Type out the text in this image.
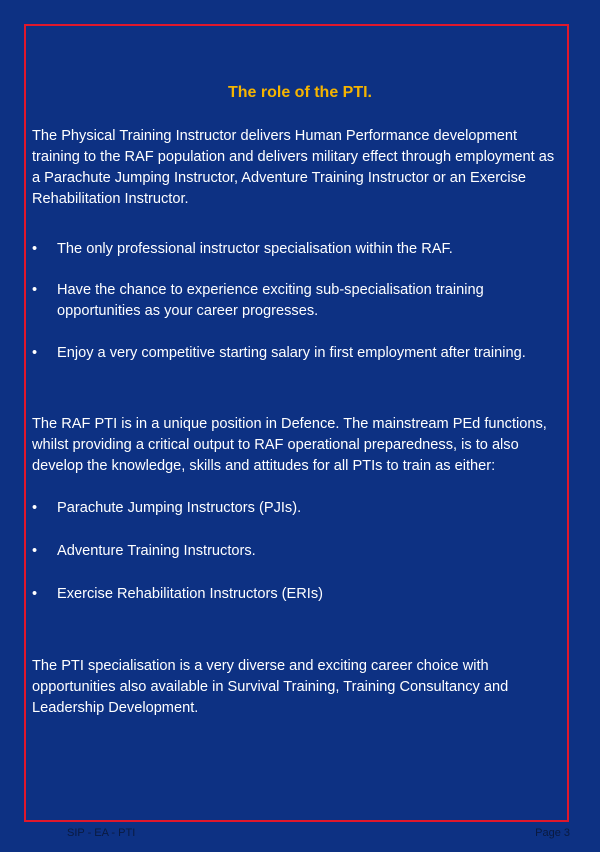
The role of the PTI.

The Physical Training Instructor delivers Human Performance development training to the RAF population and delivers military effect through employment as a Parachute Jumping Instructor, Adventure Training Instructor or an Exercise Rehabilitation Instructor.

•	The only professional instructor specialisation within the RAF.
•	Have the chance to experience exciting sub-specialisation training opportunities as your career progresses.
•	Enjoy a very competitive starting salary in first employment after training.

The RAF PTI is in a unique position in Defence. The mainstream PEd functions, whilst providing a critical output to RAF operational preparedness, is to also develop the knowledge, skills and attitudes for all PTIs to train as either:

•	Parachute Jumping Instructors (PJIs).
•	Adventure Training Instructors.
•	Exercise Rehabilitation Instructors (ERIs)

The PTI specialisation is a very diverse and exciting career choice with opportunities also available in Survival Training, Training Consultancy and Leadership Development.

SIP - EA - PTI	Page 3
